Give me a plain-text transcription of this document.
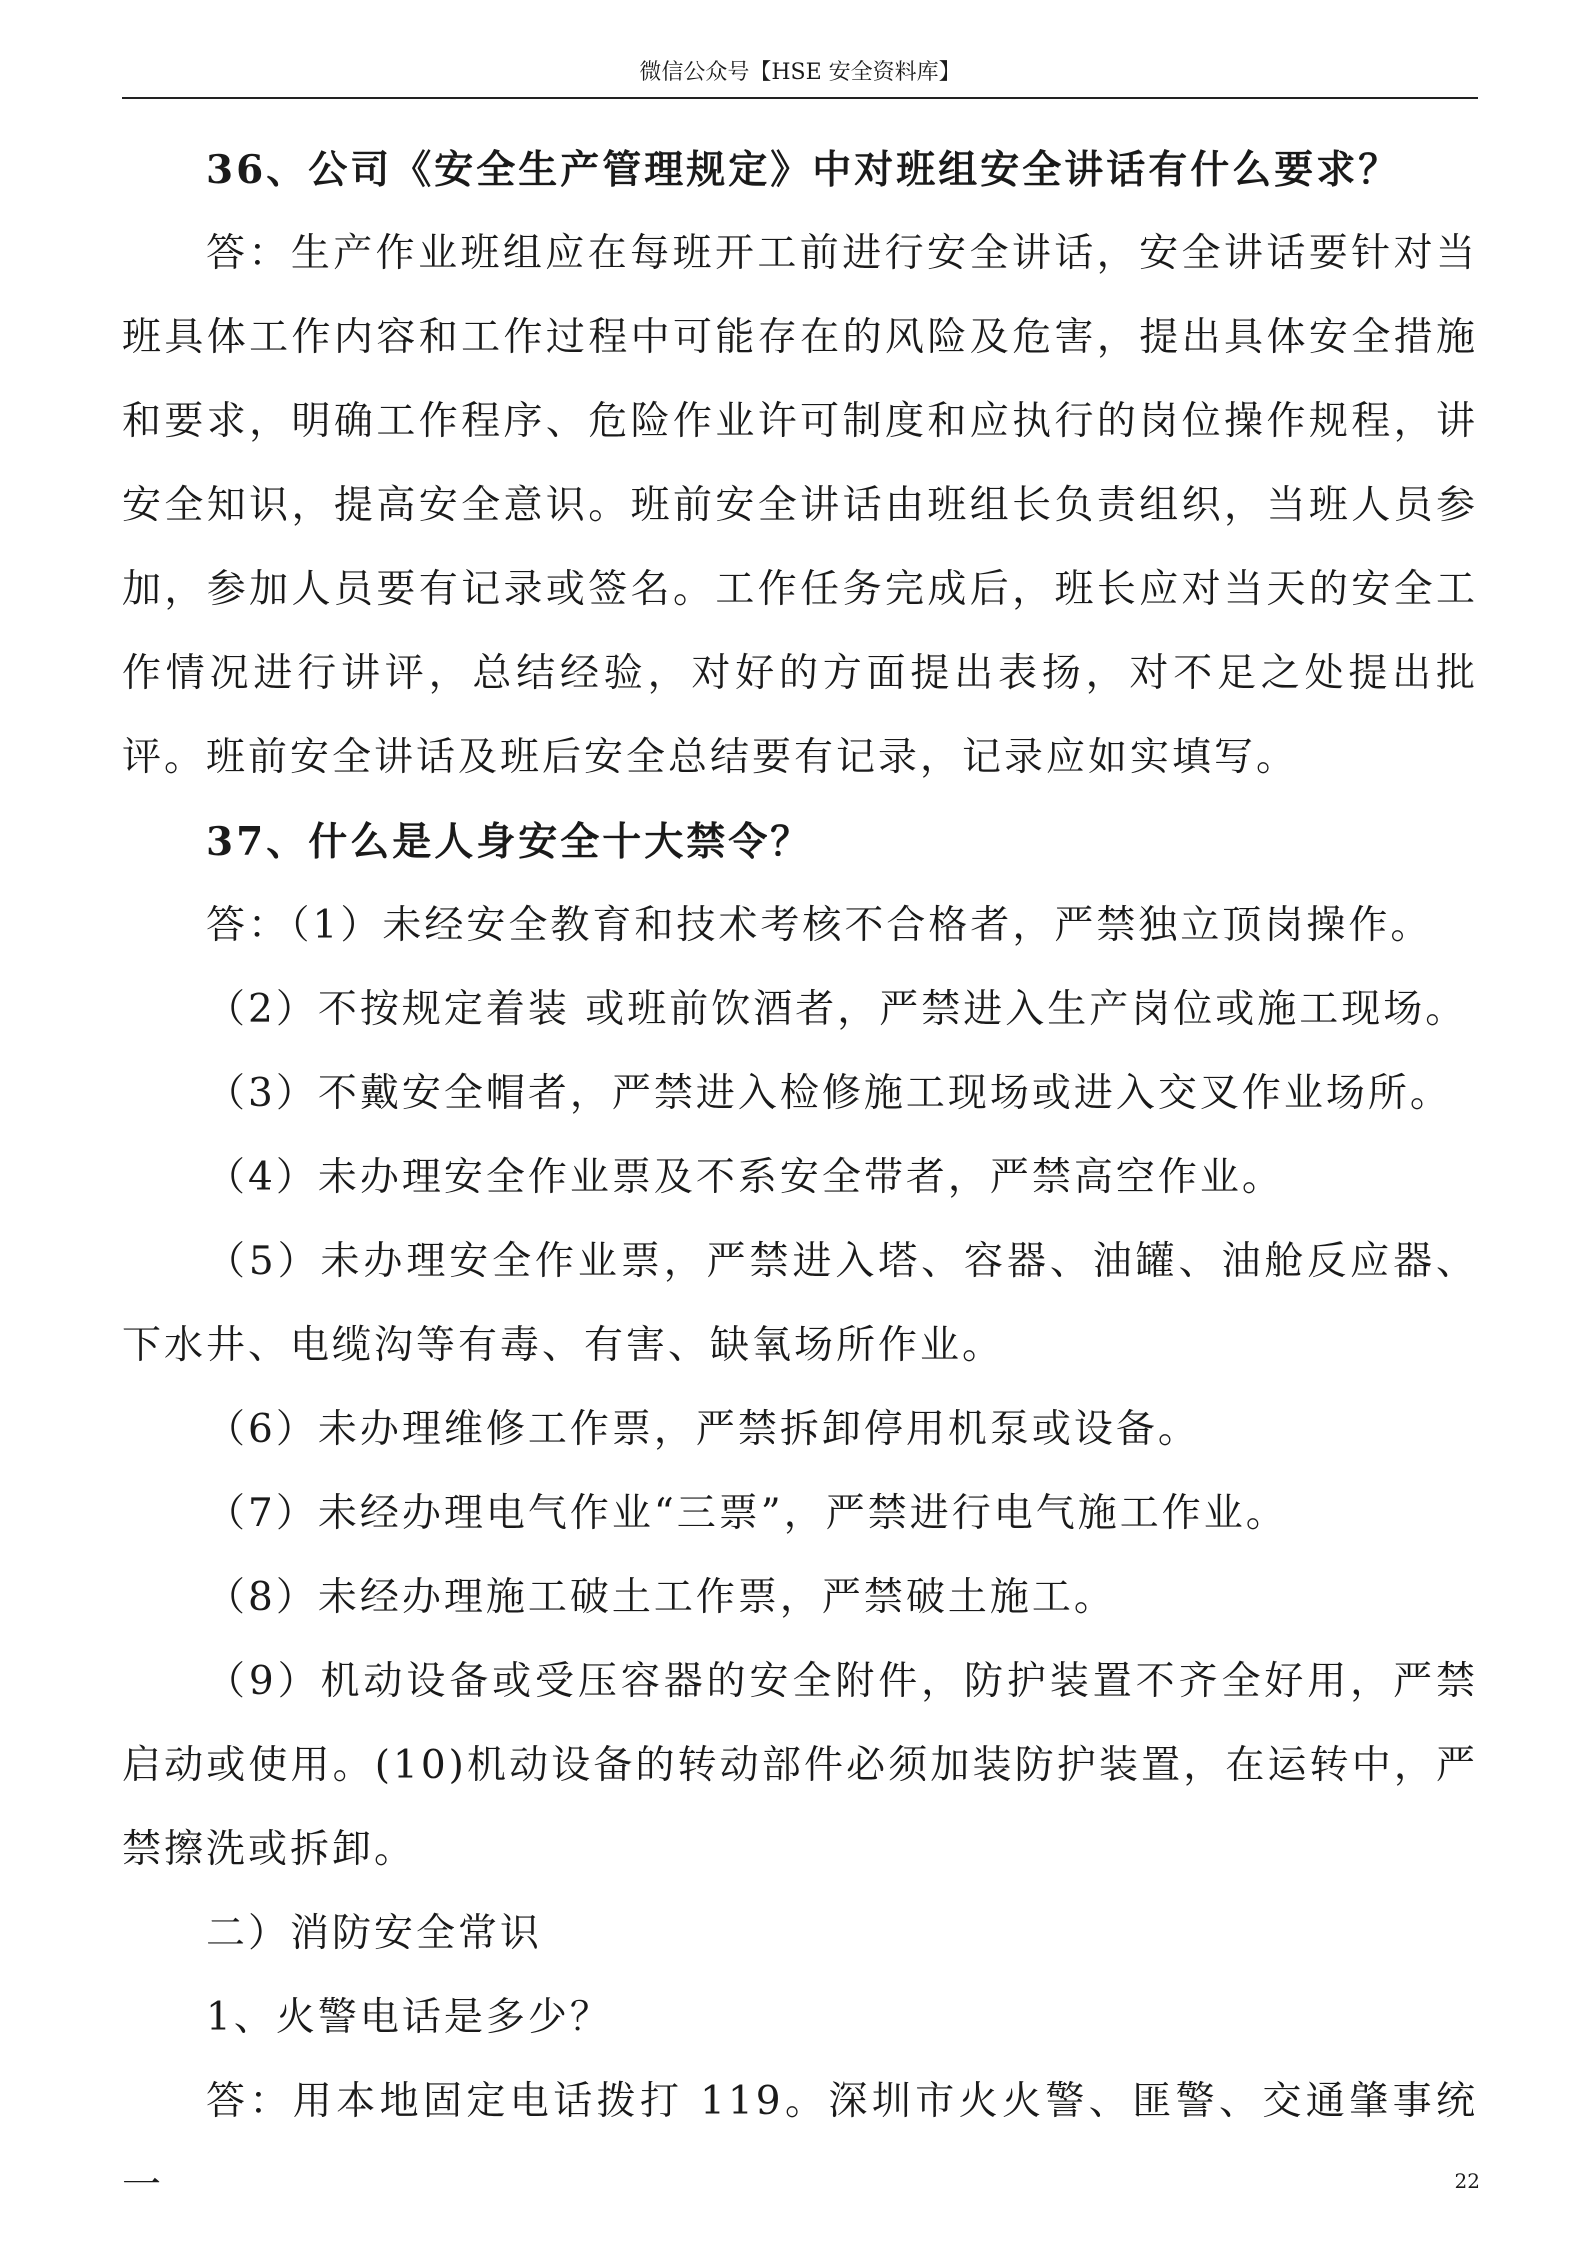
微信公众号【HSE 安全资料库】

36、公司《安全生产管理规定》中对班组安全讲话有什么要求？

答：生产作业班组应在每班开工前进行安全讲话，安全讲话要针对当班具体工作内容和工作过程中可能存在的风险及危害，提出具体安全措施和要求，明确工作程序、危险作业许可制度和应执行的岗位操作规程，讲安全知识，提高安全意识。班前安全讲话由班组长负责组织，当班人员参加，参加人员要有记录或签名。工作任务完成后，班长应对当天的安全工作情况进行讲评，总结经验，对好的方面提出表扬，对不足之处提出批评。班前安全讲话及班后安全总结要有记录，记录应如实填写。

37、什么是人身安全十大禁令？

答：（1）未经安全教育和技术考核不合格者，严禁独立顶岗操作。

（2）不按规定着装 或班前饮酒者，严禁进入生产岗位或施工现场。

（3）不戴安全帽者，严禁进入检修施工现场或进入交叉作业场所。

（4）未办理安全作业票及不系安全带者，严禁高空作业。

（5）未办理安全作业票，严禁进入塔、容器、油罐、油舱反应器、下水井、电缆沟等有毒、有害、缺氧场所作业。

（6）未办理维修工作票，严禁拆卸停用机泵或设备。

（7）未经办理电气作业“三票”，严禁进行电气施工作业。

（8）未经办理施工破土工作票，严禁破土施工。

（9）机动设备或受压容器的安全附件，防护装置不齐全好用，严禁启动或使用。(10)机动设备的转动部件必须加装防护装置，在运转中，严禁擦洗或拆卸。

二）消防安全常识

1、火警电话是多少？

答：用本地固定电话拨打 119。深圳市火火警、匪警、交通肇事统一	22
